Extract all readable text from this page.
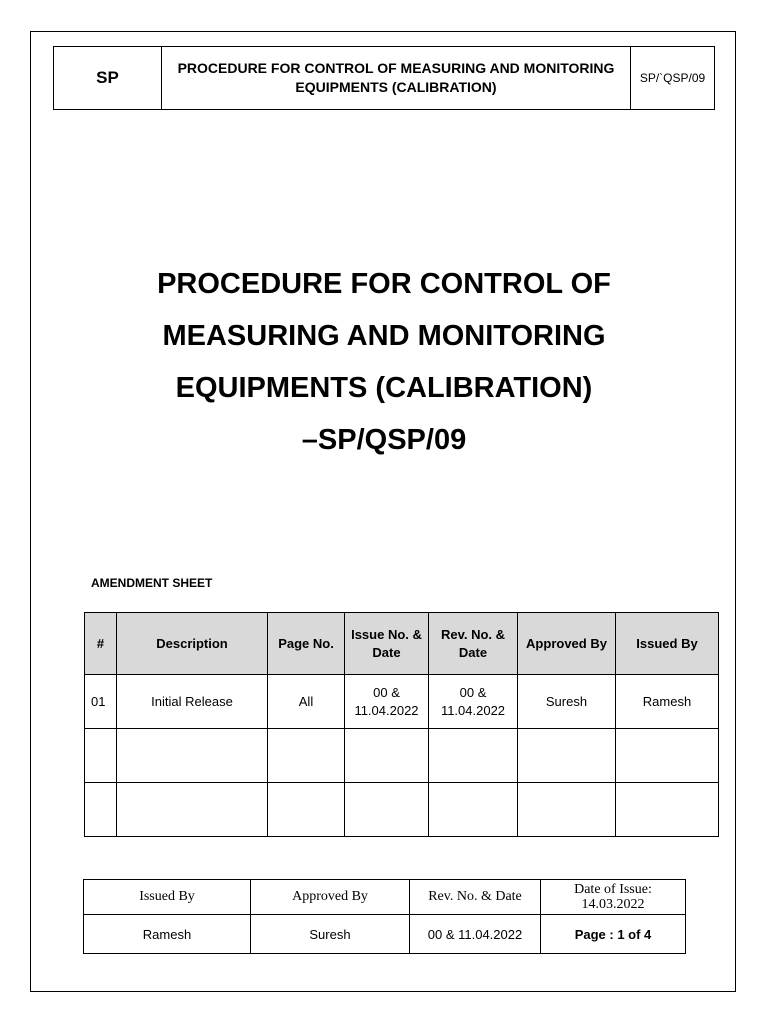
SP	PROCEDURE FOR CONTROL OF MEASURING AND MONITORING EQUIPMENTS (CALIBRATION)	SP/`QSP/09
PROCEDURE FOR CONTROL OF
MEASURING AND MONITORING
EQUIPMENTS (CALIBRATION)
–SP/QSP/09
AMENDMENT SHEET
#	Description	Page No.	Issue No. & Date	Rev. No. & Date	Approved By	Issued By
01	Initial Release	All	00 & 11.04.2022	00 & 11.04.2022	Suresh	Ramesh

Issued By	Approved By	Rev. No. & Date	Date of Issue:
14.03.2022

Ramesh	Suresh	00 & 11.04.2022	Page : 1 of 4
